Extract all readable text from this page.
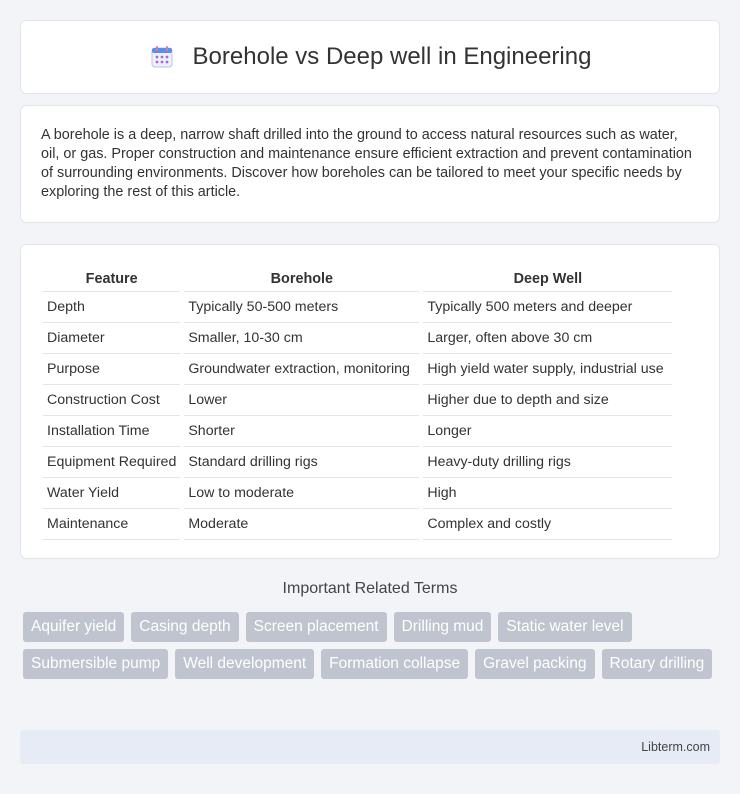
Borehole vs Deep well in Engineering

A borehole is a deep, narrow shaft drilled into the ground to access natural resources such as water, oil, or gas. Proper construction and maintenance ensure efficient extraction and prevent contamination of surrounding environments. Discover how boreholes can be tailored to meet your specific needs by exploring the rest of this article.

Feature	Borehole	Deep Well
Depth	Typically 50-500 meters	Typically 500 meters and deeper
Diameter	Smaller, 10-30 cm	Larger, often above 30 cm
Purpose	Groundwater extraction, monitoring	High yield water supply, industrial use
Construction Cost	Lower	Higher due to depth and size
Installation Time	Shorter	Longer
Equipment Required	Standard drilling rigs	Heavy-duty drilling rigs
Water Yield	Low to moderate	High
Maintenance	Moderate	Complex and costly
Important Related Terms
Aquifer yield	Casing depth	Screen placement	Drilling mud	Static water level
Submersible pump	Well development	Formation collapse	Gravel packing	Rotary drilling
Libterm.com
